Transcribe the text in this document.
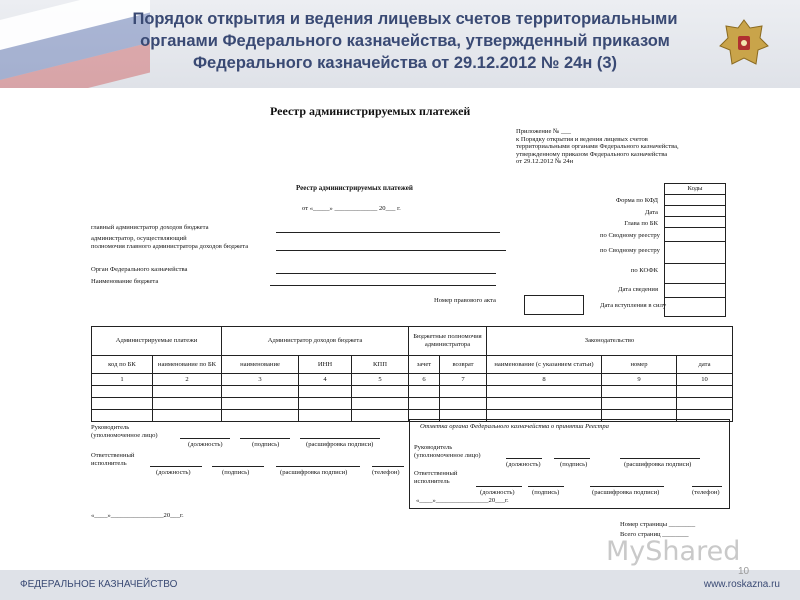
Порядок открытия и ведения лицевых счетов территориальными
органами Федерального казначейства, утвержденный приказом
Федерального казначейства от 29.12.2012 № 24н (3)
Реестр администрируемых платежей
Приложение № ___
к Порядку открытия и ведения лицевых счетов
территориальными органами Федерального казначейства,
утвержденному приказом Федерального казначейства
от 29.12.2012 № 24н
Реестр администрируемых платежей
от «_____» _____________ 20___ г.
главный администратор доходов бюджета
администратор, осуществляющий
полномочия главного администратора доходов бюджета
Орган Федерального казначейства
Наименование бюджета
Номер правового акта
Форма по КФД
Дата
Глава по БК
по Сводному реестру
по Сводному реестру
по КОФК
Дата сведения
Дата вступления в силу
Коды
Администрируемые платежи		Администратор доходов бюджета			Бюджетные полномочия администратора		Законодательство		
код по БК	наименование по БК	наименование	ИНН	КПП	зачет	возврат	наименование (с указанием статьи)	номер	дата
1	2	3	4	5	6	7	8	9	10

Руководитель (уполномоченное лицо)
(должность)	(подпись)	(расшифровка подписи)
Ответственный исполнитель
(должность)	(подпись)	(расшифровка подписи)	(телефон)
«____»________________20___г.
Отметка органа Федерального казначейства о принятии Реестра
Руководитель (уполномоченное лицо)
(должность)	(подпись)	(расшифровка подписи)
Ответственный исполнитель
(должность)	(подпись)	(расшифровка подписи)	(телефон)
«____»________________20___г.
Номер страницы ________
Всего страниц ________
MyShared
ФЕДЕРАЛЬНОЕ КАЗНАЧЕЙСТВО	www.roskazna.ru
10
